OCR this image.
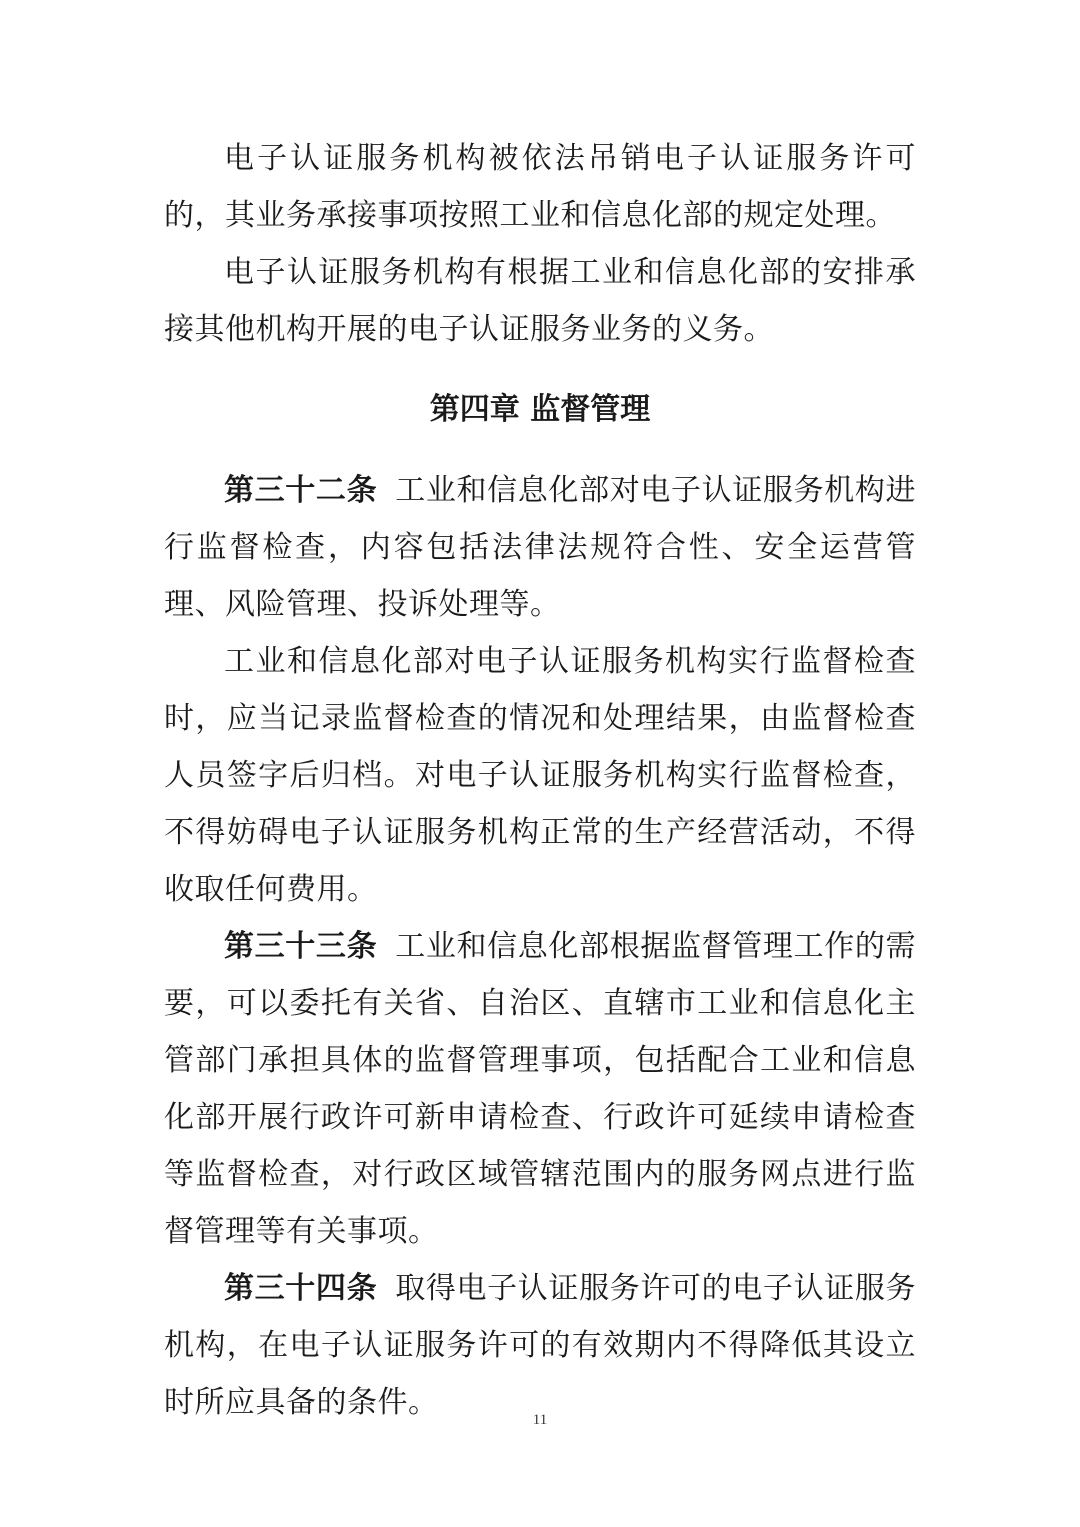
电子认证服务机构被依法吊销电子认证服务许可的，其业务承接事项按照工业和信息化部的规定处理。

电子认证服务机构有根据工业和信息化部的安排承接其他机构开展的电子认证服务业务的义务。

第四章 监督管理

第三十二条 工业和信息化部对电子认证服务机构进行监督检查，内容包括法律法规符合性、安全运营管理、风险管理、投诉处理等。

工业和信息化部对电子认证服务机构实行监督检查时，应当记录监督检查的情况和处理结果，由监督检查人员签字后归档。对电子认证服务机构实行监督检查，不得妨碍电子认证服务机构正常的生产经营活动，不得收取任何费用。

第三十三条 工业和信息化部根据监督管理工作的需要，可以委托有关省、自治区、直辖市工业和信息化主管部门承担具体的监督管理事项，包括配合工业和信息化部开展行政许可新申请检查、行政许可延续申请检查等监督检查，对行政区域管辖范围内的服务网点进行监督管理等有关事项。

第三十四条 取得电子认证服务许可的电子认证服务机构，在电子认证服务许可的有效期内不得降低其设立时所应具备的条件。	11
